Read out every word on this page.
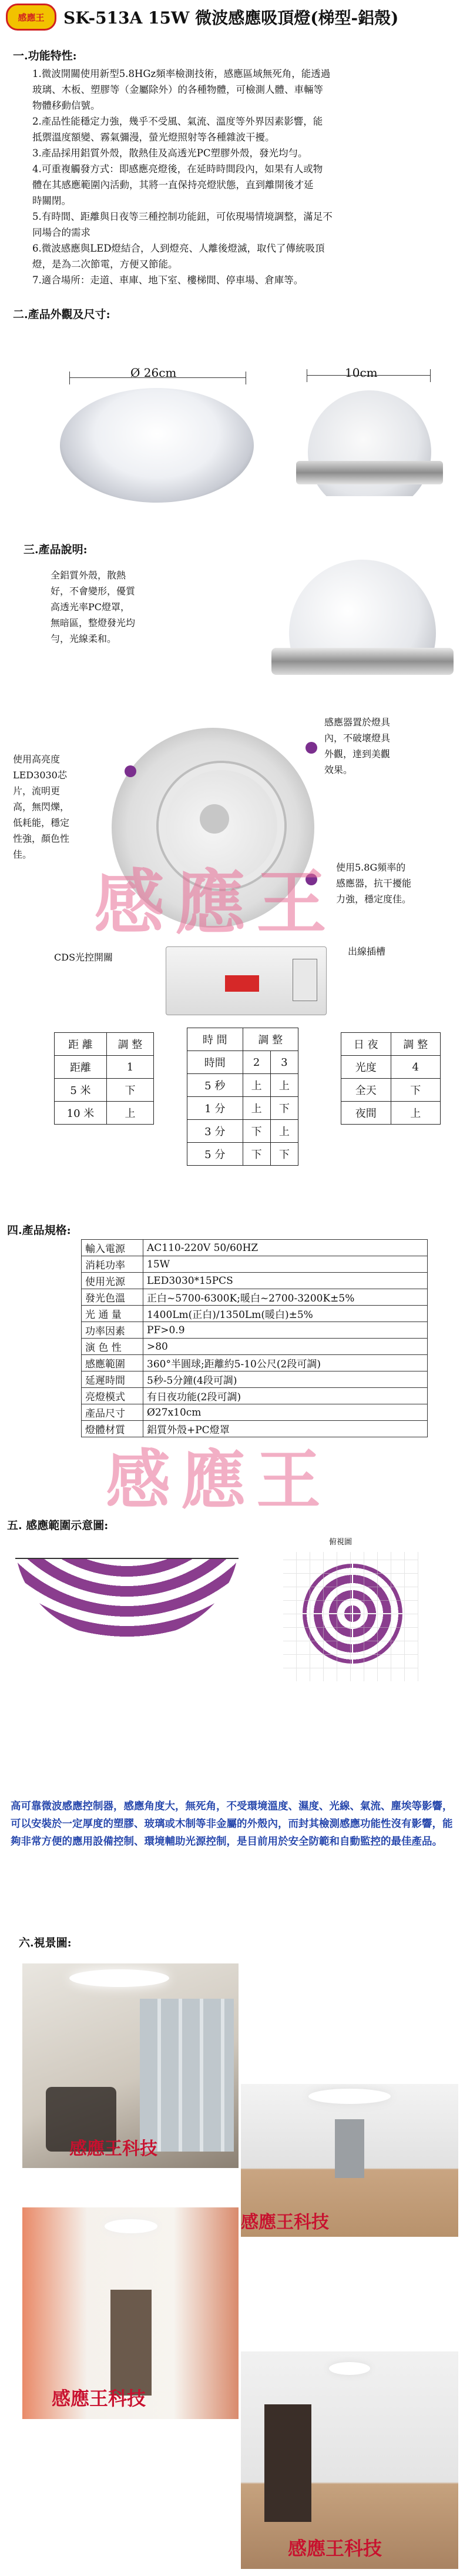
感應王	SK-513A 15W 微波感應吸頂燈(梯型-鋁殼)
一.功能特性:
1.微波開關使用新型5.8HGz頻率檢測技術，感應區域無死角，能透過
玻璃、木板、塑膠等（金屬除外）的各種物體，可檢測人體、車輛等
物體移動信號。
2.產品性能穩定力強，幾乎不受風、氣流、溫度等外界因素影響，能
抵禦溫度額變、霧氣彌漫，螢光燈照射等各種雜波干擾。
3.產品採用鋁質外殼，散熱佳及高透光PC塑膠外殼，發光均勻。
4.可重複觸發方式：即感應亮燈後，在延時時間段內，如果有人或物
體在其感應範圍內活動，其將一直保持亮燈狀態，直到離開後才延
時關閉。
5.有時間、距離與日夜等三種控制功能鈕，可依現場情境調整，滿足不
同場合的需求
6.微波感應與LED燈結合，人到燈亮、人離後燈滅，取代了傳統吸頂
燈，是為二次節電，方便又節能。
7.適合場所：走道、車庫、地下室、樓梯間、停車場、倉庫等。
二.產品外觀及尺寸:
Ø 26cm	10cm
三.產品說明:
全鋁質外殼，散熱
好，不會變形，優質
高透光率PC燈罩，
無暗區，整燈發光均
勻，光線柔和。
使用高亮度
LED3030芯
片，流明更
高，無閃爍，
低耗能，穩定
性強，顏色性
佳。
感應器置於燈具
內，不破壞燈具
外觀，達到美觀
效果。
使用5.8G頻率的
感應器，抗干擾能
力強，穩定度佳。
感應王
CDS光控開關
出線插槽
距 離	調 整
距離	1
5 米	下
10 米	上
時 間	調 整	
時間	2	3
5 秒	上	上
1 分	上	下
3 分	下	上
5 分	下	下
日 夜	調 整
光度	4
全天	下
夜間	上
四.產品規格:
輸入電源	AC110-220V 50/60HZ
消耗功率	15W
使用光源	LED3030*15PCS
發光色溫	正白~5700-6300K;暖白~2700-3200K±5%
光 通 量	1400Lm(正白)/1350Lm(暖白)±5%
功率因素	PF>0.9
演 色 性	>80
感應範圍	360°半圓球;距離約5-10公尺(2段可調)
延遲時間	5秒-5分鐘(4段可調)
亮燈模式	有日夜功能(2段可調)
產品尺寸	Ø27x10cm
燈體材質	鋁質外殼+PC燈罩
五. 感應範圍示意圖:
感應王
俯視圖
高可靠微波感應控制器，感應角度大，無死角，不受環境溫度、濕度、光線、氣流、塵埃等影響，可以安裝於一定厚度的塑膠、玻璃或木制等非金屬的外殼內，而封其檢測感應功能性沒有影響，能夠非常方便的應用設備控制、環境輔助光源控制，是目前用於安全防範和自動監控的最佳產品。
六.視景圖:
感應王科技
感應王科技
感應王科技
感應王科技
